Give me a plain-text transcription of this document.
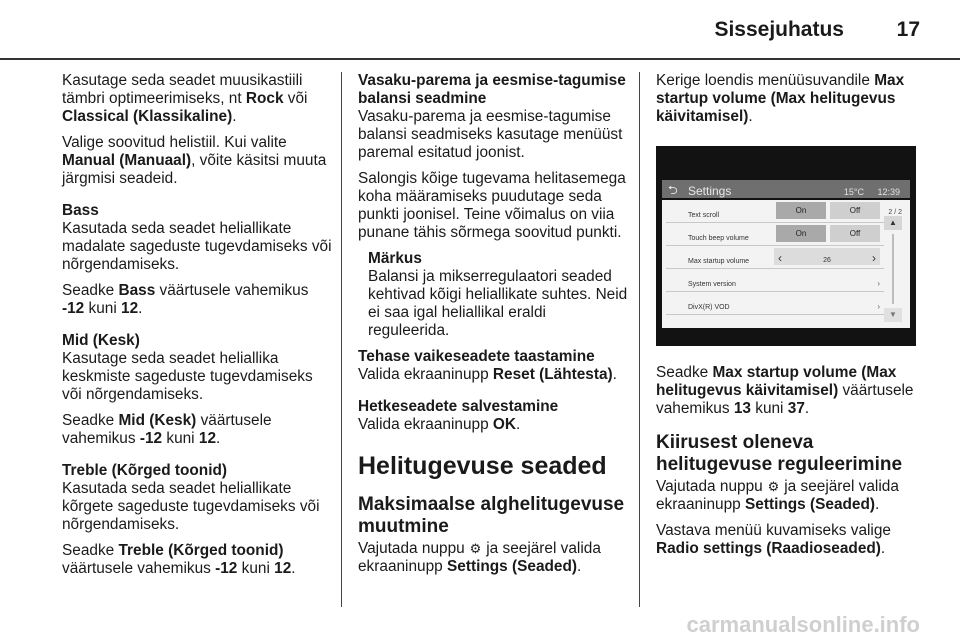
Sissejuhatus	17

Kasutage seda seadet muusikastiili tämbri optimeerimiseks, nt Rock või Classical (Klassikaline).

Valige soovitud helistiil. Kui valite Manual (Manuaal), võite käsitsi muuta järgmisi seadeid.

Bass
Kasutada seda seadet heliallikate madalate sageduste tugevdamiseks või nõrgendamiseks.

Seadke Bass väärtusele vahemikus -12 kuni 12.

Mid (Kesk)
Kasutage seda seadet heliallika keskmiste sageduste tugevdamiseks või nõrgendamiseks.

Seadke Mid (Kesk) väärtusele vahemikus -12 kuni 12.

Treble (Kõrged toonid)
Kasutada seda seadet heliallikate kõrgete sageduste tugevdamiseks või nõrgendamiseks.

Seadke Treble (Kõrged toonid) väärtusele vahemikus -12 kuni 12.

Vasaku-parema ja eesmise-tagumise balansi seadmine
Vasaku-parema ja eesmise-tagumise balansi seadmiseks kasutage menüüst paremal esitatud joonist.

Salongis kõige tugevama helitasemega koha määramiseks puudutage seda punkti joonisel. Teine võimalus on viia punane tähis sõrmega soovitud punkti.

Märkus
Balansi ja mikserregulaatori seaded kehtivad kõigi heliallikate suhtes. Neid ei saa igal heliallikal eraldi reguleerida.

Tehase vaikeseadete taastamine
Valida ekraaninupp Reset (Lähtesta).

Hetkeseadete salvestamine
Valida ekraaninupp OK.

Helitugevuse seaded
Maksimaalse alghelitugevuse muutmine

Vajutada nuppu ⚙ ja seejärel valida ekraaninupp Settings (Seaded).

Kerige loendis menüüsuvandile Max startup volume (Max helitugevus käivitamisel).

⮌ Settings	15°C 12:39
Text scroll
On	Off
Touch beep volume
On	Off
Max startup volume ‹	26	›
System version	›
DivX(R) VOD	›
2 / 2
▲
▼

Seadke Max startup volume (Max helitugevus käivitamisel) väärtusele vahemikus 13 kuni 37.

Kiirusest oleneva helitugevuse reguleerimine

Vajutada nuppu ⚙ ja seejärel valida ekraaninupp Settings (Seaded).

Vastava menüü kuvamiseks valige Radio settings (Raadioseaded).

carmanualsonline.info
